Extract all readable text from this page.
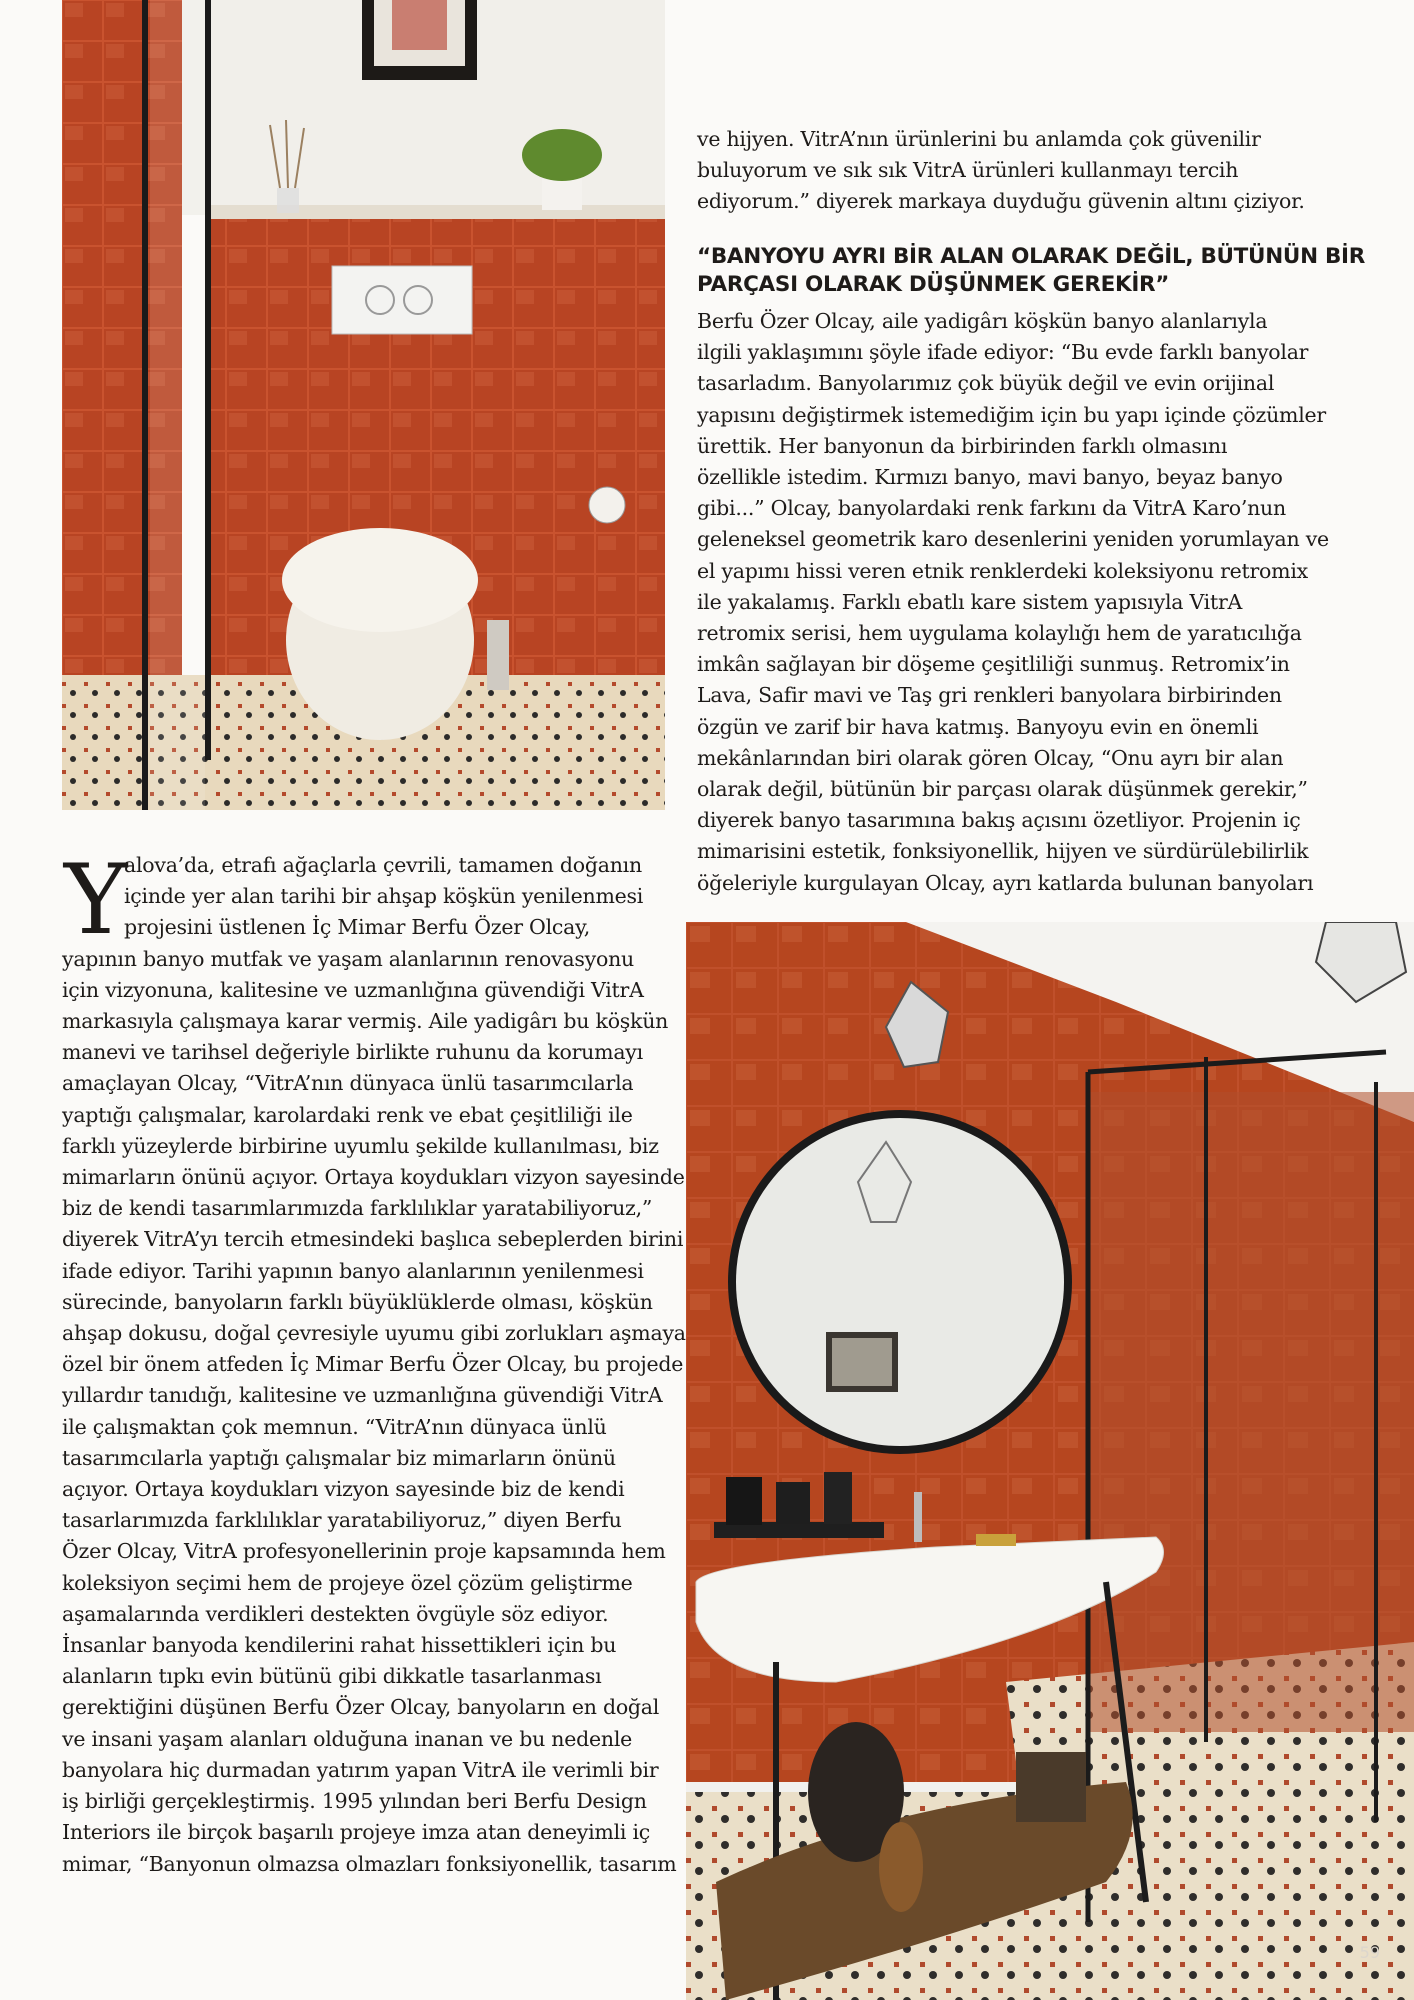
ve hijyen. VitrA’nın ürünlerini bu anlamda çok güvenilir
buluyorum ve sık sık VitrA ürünleri kullanmayı tercih
ediyorum.” diyerek markaya duyduğu güvenin altını çiziyor.
“BANYOYU AYRI BİR ALAN OLARAK DEĞİL, BÜTÜNÜN BİR
PARÇASI OLARAK DÜŞÜNMEK GEREKİR”
Berfu Özer Olcay, aile yadigârı köşkün banyo alanlarıyla
ilgili yaklaşımını şöyle ifade ediyor: “Bu evde farklı banyolar
tasarladım. Banyolarımız çok büyük değil ve evin orijinal
yapısını değiştirmek istemediğim için bu yapı içinde çözümler
ürettik. Her banyonun da birbirinden farklı olmasını
özellikle istedim. Kırmızı banyo, mavi banyo, beyaz banyo
gibi...” Olcay, banyolardaki renk farkını da VitrA Karo’nun
geleneksel geometrik karo desenlerini yeniden yorumlayan ve
el yapımı hissi veren etnik renklerdeki koleksiyonu retromix
ile yakalamış. Farklı ebatlı kare sistem yapısıyla VitrA
retromix serisi, hem uygulama kolaylığı hem de yaratıcılığa
imkân sağlayan bir döşeme çeşitliliği sunmuş. Retromix’in
Lava, Safir mavi ve Taş gri renkleri banyolara birbirinden
özgün ve zarif bir hava katmış. Banyoyu evin en önemli
mekânlarından biri olarak gören Olcay, “Onu ayrı bir alan
olarak değil, bütünün bir parçası olarak düşünmek gerekir,”
diyerek banyo tasarımına bakış açısını özetliyor. Projenin iç
mimarisini estetik, fonksiyonellik, hijyen ve sürdürülebilirlik
öğeleriyle kurgulayan Olcay, ayrı katlarda bulunan banyoları
Y
alova’da, etrafı ağaçlarla çevrili, tamamen doğanın
içinde yer alan tarihi bir ahşap köşkün yenilenmesi
projesini üstlenen İç Mimar Berfu Özer Olcay,
yapının banyo mutfak ve yaşam alanlarının renovasyonu
için vizyonuna, kalitesine ve uzmanlığına güvendiği VitrA
markasıyla çalışmaya karar vermiş. Aile yadigârı bu köşkün
manevi ve tarihsel değeriyle birlikte ruhunu da korumayı
amaçlayan Olcay, “VitrA’nın dünyaca ünlü tasarımcılarla
yaptığı çalışmalar, karolardaki renk ve ebat çeşitliliği ile
farklı yüzeylerde birbirine uyumlu şekilde kullanılması, biz
mimarların önünü açıyor. Ortaya koydukları vizyon sayesinde
biz de kendi tasarımlarımızda farklılıklar yaratabiliyoruz,”
diyerek VitrA’yı tercih etmesindeki başlıca sebeplerden birini
ifade ediyor. Tarihi yapının banyo alanlarının yenilenmesi
sürecinde, banyoların farklı büyüklüklerde olması, köşkün
ahşap dokusu, doğal çevresiyle uyumu gibi zorlukları aşmaya
özel bir önem atfeden İç Mimar Berfu Özer Olcay, bu projede
yıllardır tanıdığı, kalitesine ve uzmanlığına güvendiği VitrA
ile çalışmaktan çok memnun. “VitrA’nın dünyaca ünlü
tasarımcılarla yaptığı çalışmalar biz mimarların önünü
açıyor. Ortaya koydukları vizyon sayesinde biz de kendi
tasarlarımızda farklılıklar yaratabiliyoruz,” diyen Berfu
Özer Olcay, VitrA profesyonellerinin proje kapsamında hem
koleksiyon seçimi hem de projeye özel çözüm geliştirme
aşamalarında verdikleri destekten övgüyle söz ediyor.
İnsanlar banyoda kendilerini rahat hissettikleri için bu
alanların tıpkı evin bütünü gibi dikkatle tasarlanması
gerektiğini düşünen Berfu Özer Olcay, banyoların en doğal
ve insani yaşam alanları olduğuna inanan ve bu nedenle
banyolara hiç durmadan yatırım yapan VitrA ile verimli bir
iş birliği gerçekleştirmiş. 1995 yılından beri Berfu Design
Interiors ile birçok başarılı projeye imza atan deneyimli iç
mimar, “Banyonun olmazsa olmazları fonksiyonellik, tasarım
59
